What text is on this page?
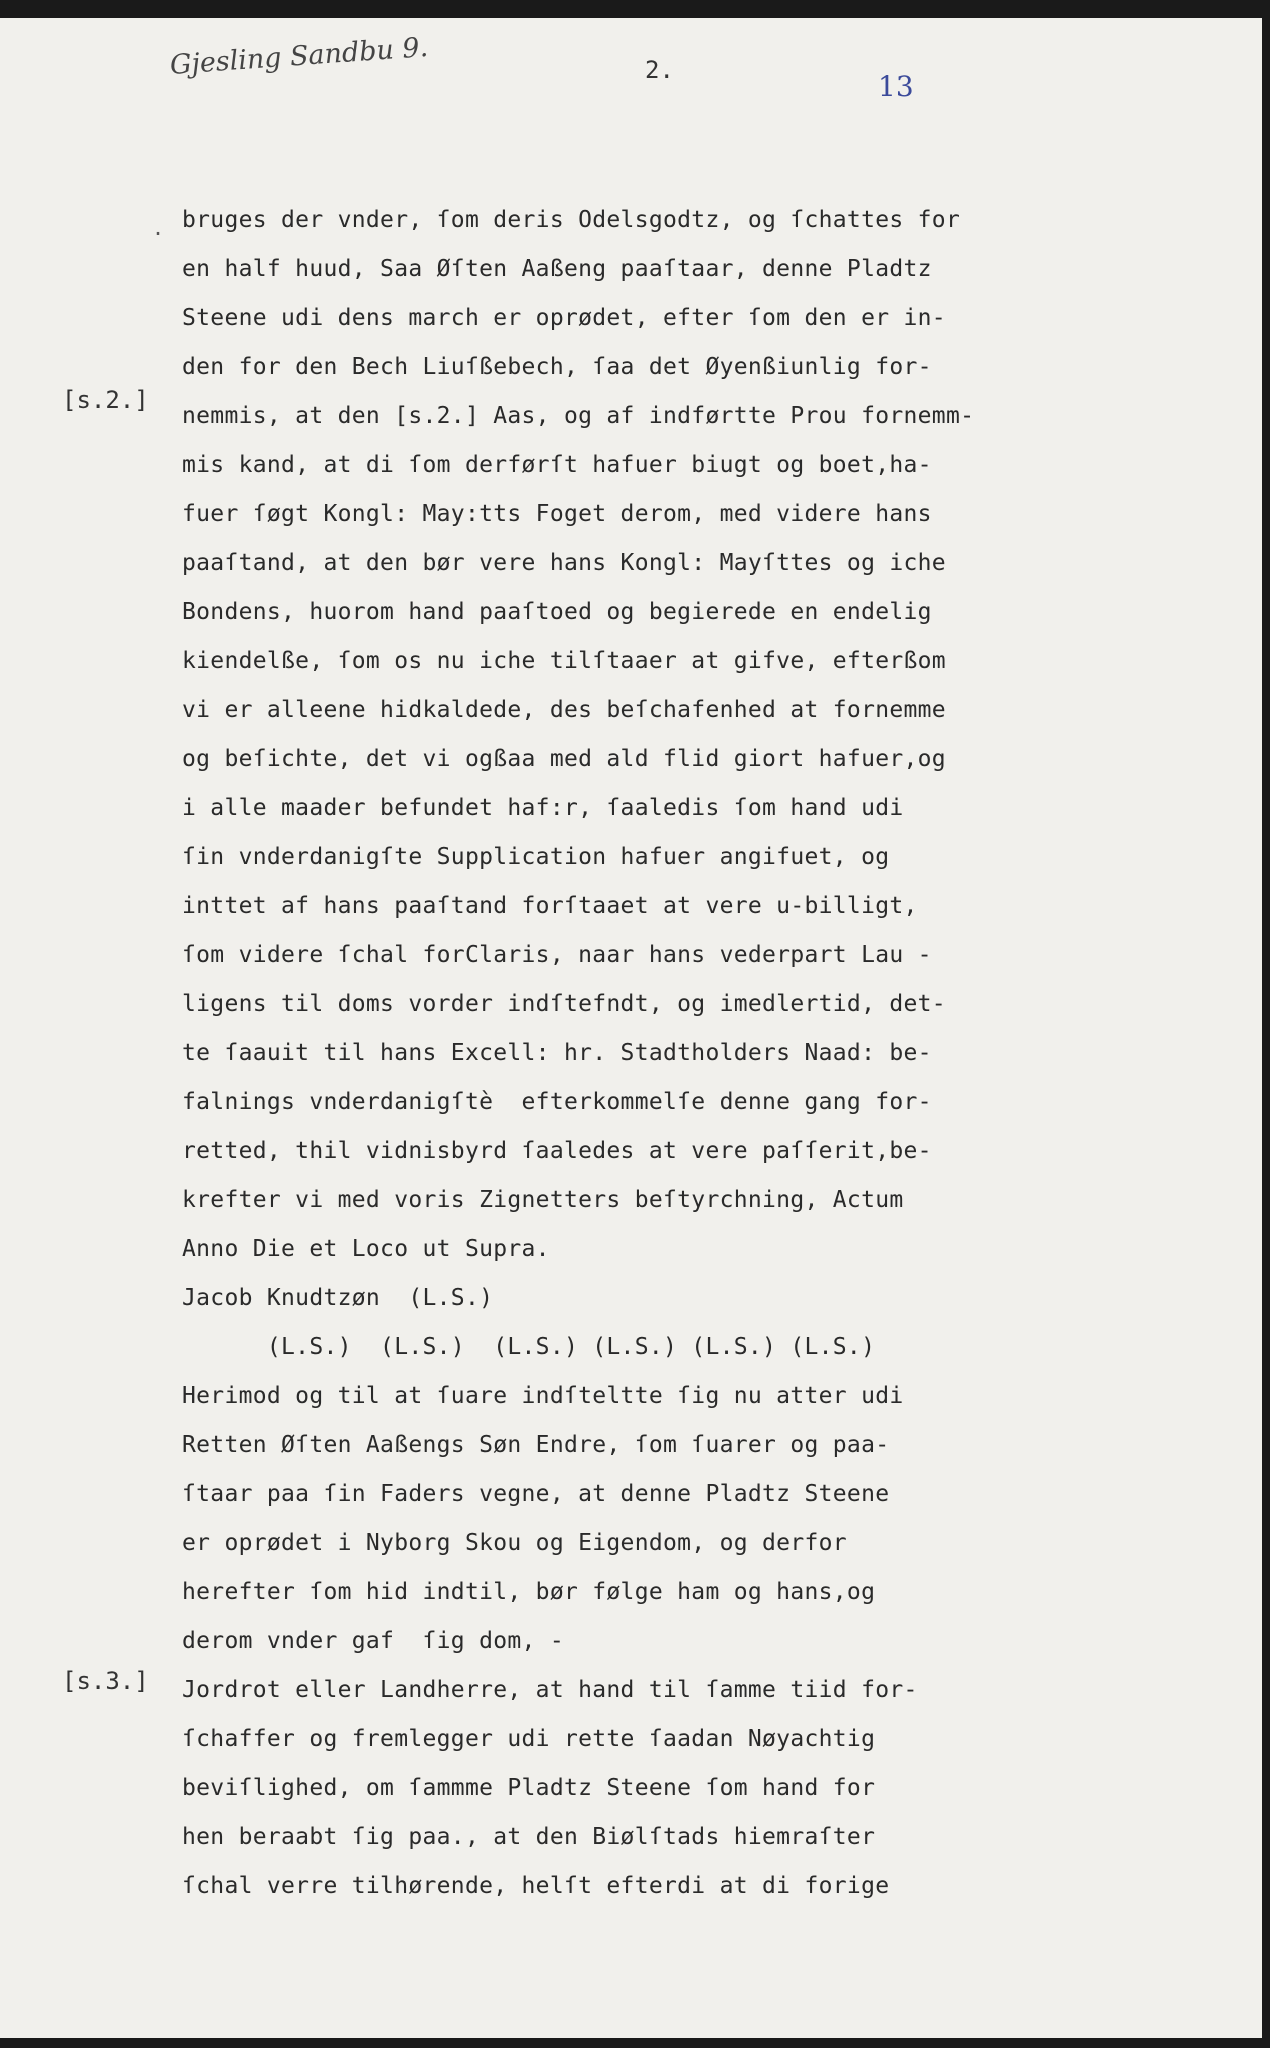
Gjesling Sandbu 9.	2.	13
.
[s.2.]
[s.3.]
bruges der vnder, ſom deris Odelsgodtz, og ſchattes for
en half huud, Saa Øſten Aaßeng paaſtaar, denne Pladtz
Steene udi dens march er oprødet, efter ſom den er in-
den for den Bech Liuſßebech, ſaa det Øyenßiunlig for-
nemmis, at den [s.2.] Aas, og af indførtte Prou fornemm-
mis kand, at di ſom derførſt hafuer biugt og boet,ha-
fuer ſøgt Kongl: May:tts Foget derom, med videre hans
paaſtand, at den bør vere hans Kongl: Mayſttes og iche
Bondens, huorom hand paaſtoed og begierede en endelig
kiendelße, ſom os nu iche tilſtaaer at gifve, efterßom
vi er alleene hidkaldede, des beſchafenhed at fornemme
og beſichte, det vi ogßaa med ald flid giort hafuer,og
i alle maader befundet haf:r, ſaaledis ſom hand udi
ſin vnderdanigſte Supplication hafuer angifuet, og
inttet af hans paaſtand forſtaaet at vere u-billigt,
ſom videre ſchal forClaris, naar hans vederpart Lau -
ligens til doms vorder indſtefndt, og imedlertid, det-
te ſaauit til hans Excell: hr. Stadtholders Naad: be-
falnings vnderdanigſtè  efterkommelſe denne gang for-
retted, thil vidnisbyrd ſaaledes at vere paſſerit,be-
krefter vi med voris Zignetters beſtyrchning, Actum
Anno Die et Loco ut Supra.
Jacob Knudtzøn  (L.S.)
(L.S.)  (L.S.)  (L.S.) (L.S.) (L.S.) (L.S.)
Herimod og til at ſuare indſteltte ſig nu atter udi
Retten Øſten Aaßengs Søn Endre, ſom ſuarer og paa-
ſtaar paa ſin Faders vegne, at denne Pladtz Steene
er oprødet i Nyborg Skou og Eigendom, og derfor
herefter ſom hid indtil, bør følge ham og hans,og
derom vnder gaf  ſig dom, -
Jordrot eller Landherre, at hand til ſamme tiid for-
ſchaffer og fremlegger udi rette ſaadan Nøyachtig
beviſlighed, om ſammme Pladtz Steene ſom hand for
hen beraabt ſig paa., at den Biølſtads hiemraſter
ſchal verre tilhørende, helſt efterdi at di forige
